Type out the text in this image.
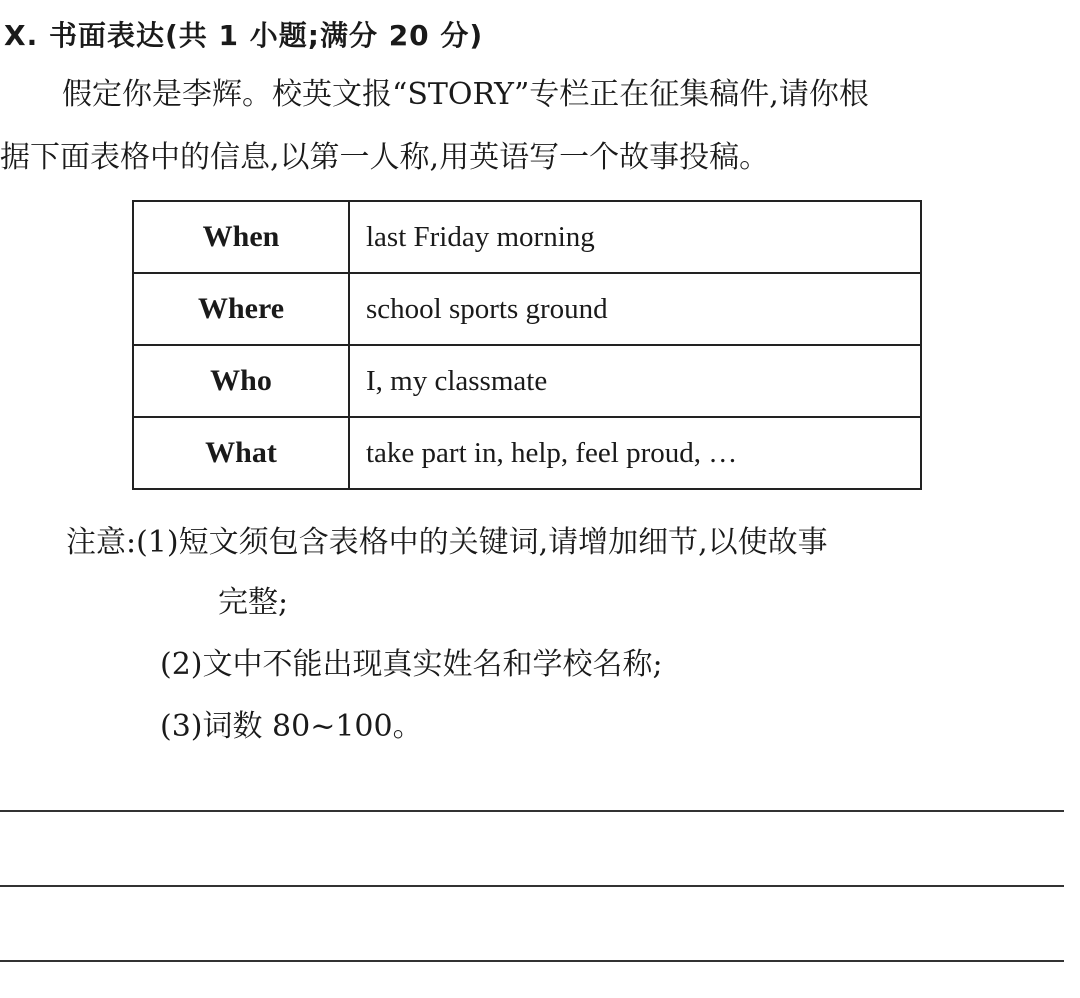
X. 书面表达(共 1 小题;满分 20 分)
假定你是李辉。校英文报“STORY”专栏正在征集稿件,请你根
据下面表格中的信息,以第一人称,用英语写一个故事投稿。
When	last Friday morning
Where	school sports ground
Who	I, my classmate
What	take part in, help, feel proud, …
注意:(1)短文须包含表格中的关键词,请增加细节,以使故事
完整;
(2)文中不能出现真实姓名和学校名称;
(3)词数 80~100。
